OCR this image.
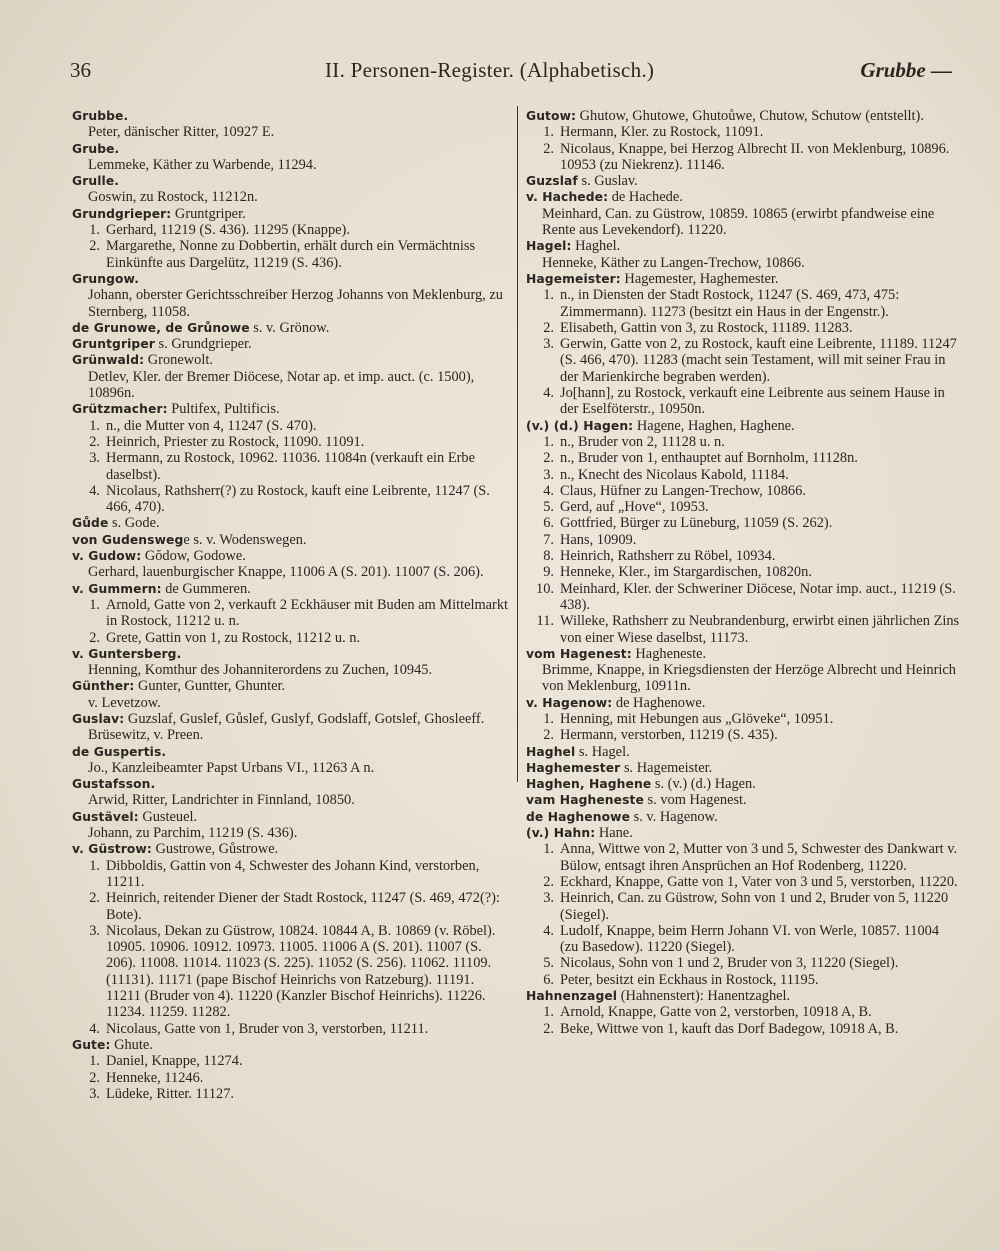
36	II. Personen-Register. (Alphabetisch.)	Grubbe —
Grubbe.
Peter, dänischer Ritter, 10927 E.
Grube.
Lemmeke, Käther zu Warbende, 11294.
Grulle.
Goswin, zu Rostock, 11212n.
Grundgrieper: Gruntgriper.
1. Gerhard, 11219 (S. 436). 11295 (Knappe).
2. Margarethe, Nonne zu Dobbertin, erhält durch ein Vermächtniss Einkünfte aus Dargelütz, 11219 (S. 436).
Grungow.
Johann, oberster Gerichtsschreiber Herzog Johanns von Meklenburg, zu Sternberg, 11058.
de Grunowe, de Grůnowe s. v. Grönow.
Gruntgriper s. Grundgrieper.
Grünwald: Gronewolt.
Detlev, Kler. der Bremer Diöcese, Notar ap. et imp. auct. (c. 1500), 10896n.
Grützmacher: Pultifex, Pultificis.
1. n., die Mutter von 4, 11247 (S. 470).
2. Heinrich, Priester zu Rostock, 11090. 11091.
3. Hermann, zu Rostock, 10962. 11036. 11084n (verkauft ein Erbe daselbst).
4. Nicolaus, Rathsherr(?) zu Rostock, kauft eine Leibrente, 11247 (S. 466, 470).
Gůde s. Gode.
von Gudenswege s. v. Wodenswegen.
v. Gudow: Gŏdow, Godowe.
Gerhard, lauenburgischer Knappe, 11006 A (S. 201). 11007 (S. 206).
v. Gummern: de Gummeren.
1. Arnold, Gatte von 2, verkauft 2 Eckhäuser mit Buden am Mittelmarkt in Rostock, 11212 u. n.
2. Grete, Gattin von 1, zu Rostock, 11212 u. n.
v. Guntersberg.
Henning, Komthur des Johanniterordens zu Zuchen, 10945.
Günther: Gunter, Guntter, Ghunter.
v. Levetzow.
Guslav: Guzslaf, Guslef, Gůslef, Guslyf, Godslaff, Gotslef, Ghosleeff.
Brüsewitz, v. Preen.
de Guspertis.
Jo., Kanzleibeamter Papst Urbans VI., 11263 A n.
Gustafsson.
Arwid, Ritter, Landrichter in Finnland, 10850.
Gustävel: Gusteuel.
Johann, zu Parchim, 11219 (S. 436).
v. Güstrow: Gustrowe, Gůstrowe.
1. Dibboldis, Gattin von 4, Schwester des Johann Kind, verstorben, 11211.
2. Heinrich, reitender Diener der Stadt Rostock, 11247 (S. 469, 472(?): Bote).
3. Nicolaus, Dekan zu Güstrow, 10824. 10844 A, B. 10869 (v. Röbel). 10905. 10906. 10912. 10973. 11005. 11006 A (S. 201). 11007 (S. 206). 11008. 11014. 11023 (S. 225). 11052 (S. 256). 11062. 11109. (11131). 11171 (pape Bischof Heinrichs von Ratzeburg). 11191. 11211 (Bruder von 4). 11220 (Kanzler Bischof Heinrichs). 11226. 11234. 11259. 11282.
4. Nicolaus, Gatte von 1, Bruder von 3, verstorben, 11211.
Gute: Ghute.
1. Daniel, Knappe, 11274.
2. Henneke, 11246.
3. Lüdeke, Ritter. 11127.
Gutow: Ghutow, Ghutowe, Ghutoůwe, Chutow, Schutow (entstellt).
1. Hermann, Kler. zu Rostock, 11091.
2. Nicolaus, Knappe, bei Herzog Albrecht II. von Meklenburg, 10896. 10953 (zu Niekrenz). 11146.
Guzslaf s. Guslav.
v. Hachede: de Hachede.
Meinhard, Can. zu Güstrow, 10859. 10865 (erwirbt pfandweise eine Rente aus Levekendorf). 11220.
Hagel: Haghel.
Henneke, Käther zu Langen-Trechow, 10866.
Hagemeister: Hagemester, Haghemester.
1. n., in Diensten der Stadt Rostock, 11247 (S. 469, 473, 475: Zimmermann). 11273 (besitzt ein Haus in der Engenstr.).
2. Elisabeth, Gattin von 3, zu Rostock, 11189. 11283.
3. Gerwin, Gatte von 2, zu Rostock, kauft eine Leibrente, 11189. 11247 (S. 466, 470). 11283 (macht sein Testament, will mit seiner Frau in der Marienkirche begraben werden).
4. Jo[hann], zu Rostock, verkauft eine Leibrente aus seinem Hause in der Eselföterstr., 10950n.
(v.) (d.) Hagen: Hagene, Haghen, Haghene.
1. n., Bruder von 2, 11128 u. n.
2. n., Bruder von 1, enthauptet auf Bornholm, 11128n.
3. n., Knecht des Nicolaus Kabold, 11184.
4. Claus, Hüfner zu Langen-Trechow, 10866.
5. Gerd, auf „Hove“, 10953.
6. Gottfried, Bürger zu Lüneburg, 11059 (S. 262).
7. Hans, 10909.
8. Heinrich, Rathsherr zu Röbel, 10934.
9. Henneke, Kler., im Stargardischen, 10820n.
10. Meinhard, Kler. der Schweriner Diöcese, Notar imp. auct., 11219 (S. 438).
11. Willeke, Rathsherr zu Neubrandenburg, erwirbt einen jährlichen Zins von einer Wiese daselbst, 11173.
vom Hagenest: Hagheneste.
Brimme, Knappe, in Kriegsdiensten der Herzöge Albrecht und Heinrich von Meklenburg, 10911n.
v. Hagenow: de Haghenowe.
1. Henning, mit Hebungen aus „Glöveke“, 10951.
2. Hermann, verstorben, 11219 (S. 435).
Haghel s. Hagel.
Haghemester s. Hagemeister.
Haghen, Haghene s. (v.) (d.) Hagen.
vam Hagheneste s. vom Hagenest.
de Haghenowe s. v. Hagenow.
(v.) Hahn: Hane.
1. Anna, Wittwe von 2, Mutter von 3 und 5, Schwester des Dankwart v. Bülow, entsagt ihren Ansprüchen an Hof Rodenberg, 11220.
2. Eckhard, Knappe, Gatte von 1, Vater von 3 und 5, verstorben, 11220.
3. Heinrich, Can. zu Güstrow, Sohn von 1 und 2, Bruder von 5, 11220 (Siegel).
4. Ludolf, Knappe, beim Herrn Johann VI. von Werle, 10857. 11004 (zu Basedow). 11220 (Siegel).
5. Nicolaus, Sohn von 1 und 2, Bruder von 3, 11220 (Siegel).
6. Peter, besitzt ein Eckhaus in Rostock, 11195.
Hahnenzagel (Hahnenstert): Hanentzaghel.
1. Arnold, Knappe, Gatte von 2, verstorben, 10918 A, B.
2. Beke, Wittwe von 1, kauft das Dorf Badegow, 10918 A, B.
